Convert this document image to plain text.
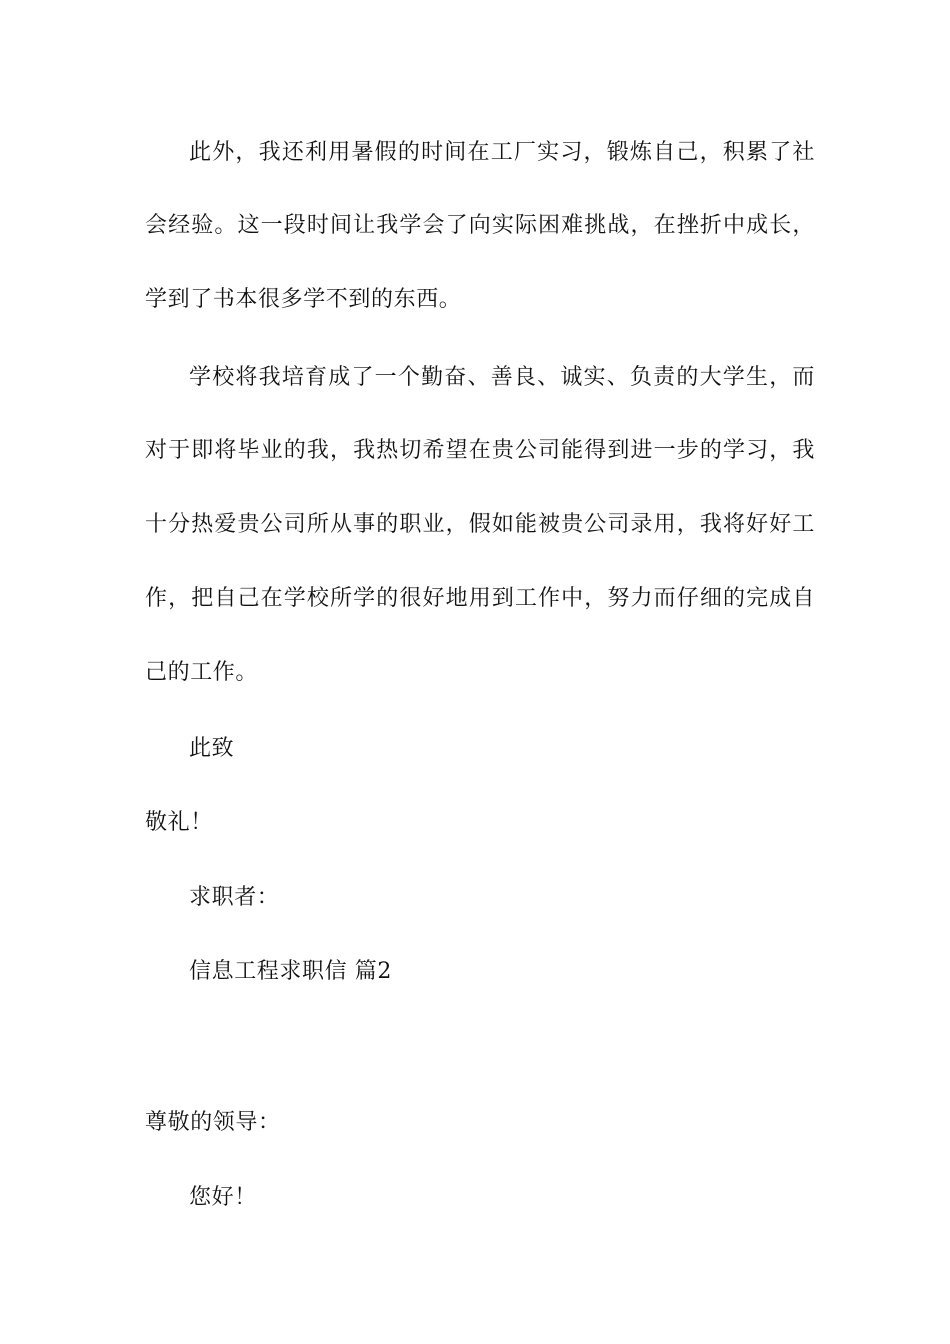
此外，我还利用暑假的时间在工厂实习，锻炼自己，积累了社
会经验。这一段时间让我学会了向实际困难挑战，在挫折中成长，
学到了书本很多学不到的东西。
学校将我培育成了一个勤奋、善良、诚实、负责的大学生，而
对于即将毕业的我，我热切希望在贵公司能得到进一步的学习，我
十分热爱贵公司所从事的职业，假如能被贵公司录用，我将好好工
作，把自己在学校所学的很好地用到工作中，努力而仔细的完成自
己的工作。
此致
敬礼！
求职者：
信息工程求职信 篇2
尊敬的领导：
您好！
